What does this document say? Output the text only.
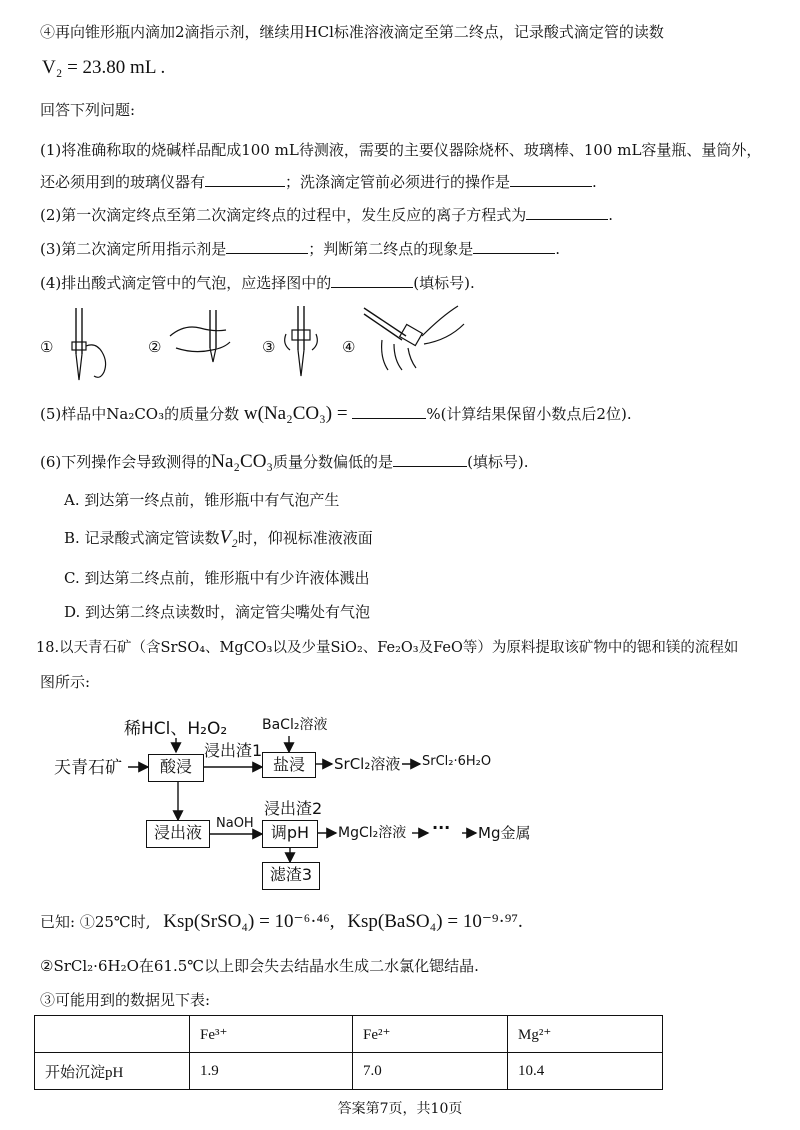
④再向锥形瓶内滴加2滴指示剂，继续用HCl标准溶液滴定至第二终点，记录酸式滴定管的读数
V₂ = 23.80 mL .
回答下列问题:
(1)将准确称取的烧碱样品配成100 mL待测液，需要的主要仪器除烧杯、玻璃棒、100 mL容量瓶、量筒外，
还必须用到的玻璃仪器有	；洗涤滴定管前必须进行的操作是	.
(2)第一次滴定终点至第二次滴定终点的过程中，发生反应的离子方程式为	.
(3)第二次滴定所用指示剂是	；判断第二终点的现象是	.
(4)排出酸式滴定管中的气泡，应选择图中的	(填标号).
①	②	③	④
(5)样品中Na₂CO₃的质量分数 w(Na₂CO₃) =	%(计算结果保留小数点后2位).
(6)下列操作会导致测得的Na₂CO₃质量分数偏低的是	(填标号).
A. 到达第一终点前，锥形瓶中有气泡产生
B. 记录酸式滴定管读数V₂时，仰视标准液液面
C. 到达第二终点前，锥形瓶中有少许液体溅出
D. 到达第二终点读数时，滴定管尖嘴处有气泡
18.以天青石矿（含SrSO₄、MgCO₃以及少量SiO₂、Fe₂O₃及FeO等）为原料提取该矿物中的锶和镁的流程如
图所示:
稀HCl、H₂O₂ BaCl₂溶液
天青石矿	酸浸
浸出渣1
盐浸	SrCl₂溶液 SrCl₂·6H₂O
浸出渣2
浸出液	NaOH	调pH	MgCl₂溶液 ··· Mg金属
滤渣3
已知: ①25℃时, Ksp(SrSO₄) = 10⁻⁶·⁴⁶, Ksp(BaSO₄) = 10⁻⁹·⁹⁷.
②SrCl₂·6H₂O在61.5℃以上即会失去结晶水生成二水氯化锶结晶.
③可能用到的数据见下表:
	Fe³⁺	Fe²⁺	Mg²⁺
开始沉淀pH	1.9	7.0	10.4
答案第7页，共10页
